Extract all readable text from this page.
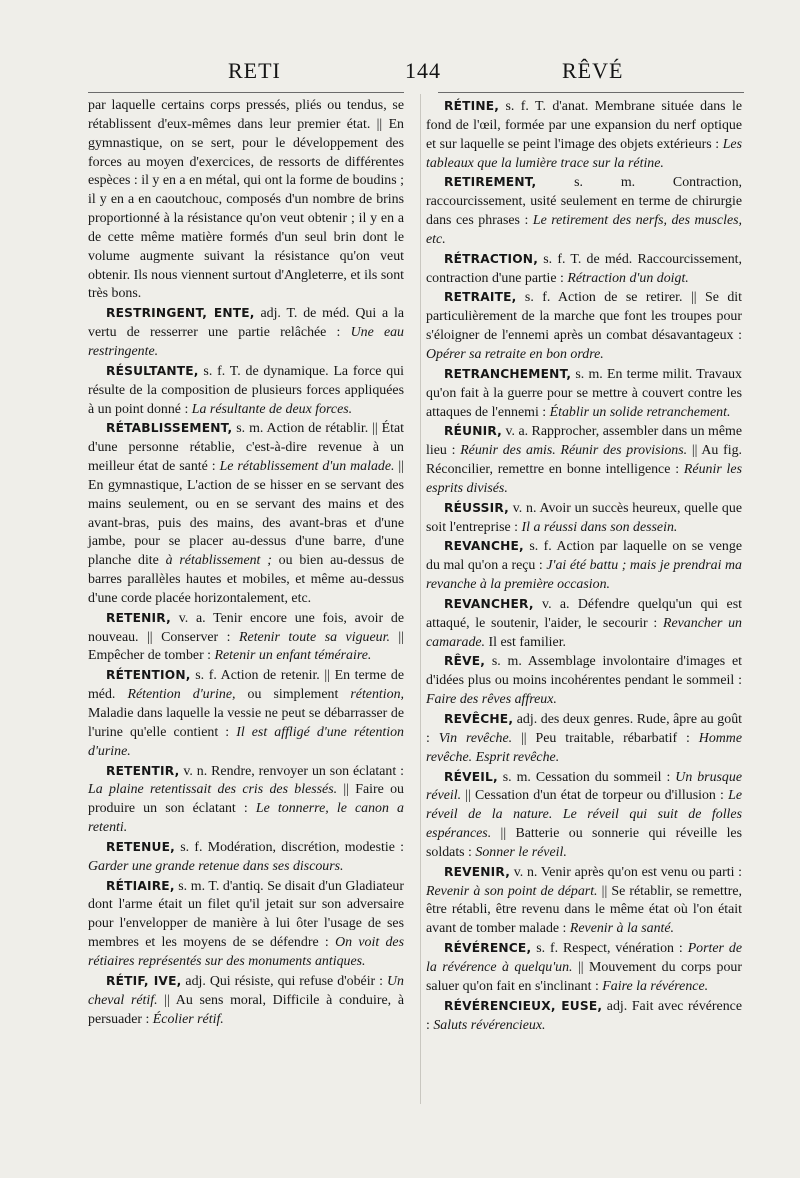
RETI	144	RÊVÉ

par laquelle certains corps pressés, pliés ou tendus, se rétablissent d'eux-mêmes dans leur premier état. || En gymnastique, on se sert, pour le développement des forces au moyen d'exercices, de ressorts de différentes espèces : il y en a en métal, qui ont la forme de boudins ; il y en a en caoutchouc, composés d'un nombre de brins proportionné à la résistance qu'on veut obtenir ; il y en a de cette même matière formés d'un seul brin dont le volume augmente suivant la résistance qu'on veut obtenir. Ils nous viennent surtout d'Angleterre, et ils sont très bons.

RESTRINGENT, ENTE, adj. T. de méd. Qui a la vertu de resserrer une partie relâchée : Une eau restringente.

RÉSULTANTE, s. f. T. de dynamique. La force qui résulte de la composition de plusieurs forces appliquées à un point donné : La résultante de deux forces.

RÉTABLISSEMENT, s. m. Action de rétablir. || État d'une personne rétablie, c'est-à-dire revenue à un meilleur état de santé : Le rétablissement d'un malade. || En gymnastique, L'action de se hisser en se servant des mains seulement, ou en se servant des mains et des avant-bras, puis des mains, des avant-bras et d'une jambe, pour se placer au-dessus d'une barre, d'une planche dite à rétablissement ; ou bien au-dessus de barres parallèles hautes et mobiles, et même au-dessus d'une corde placée horizontalement, etc.

RETENIR, v. a. Tenir encore une fois, avoir de nouveau. || Conserver : Retenir toute sa vigueur. || Empêcher de tomber : Retenir un enfant téméraire.

RÉTENTION, s. f. Action de retenir. || En terme de méd. Rétention d'urine, ou simplement rétention, Maladie dans laquelle la vessie ne peut se débarrasser de l'urine qu'elle contient : Il est affligé d'une rétention d'urine.

RETENTIR, v. n. Rendre, renvoyer un son éclatant : La plaine retentissait des cris des blessés. || Faire ou produire un son éclatant : Le tonnerre, le canon a retenti.

RETENUE, s. f. Modération, discrétion, modestie : Garder une grande retenue dans ses discours.

RÉTIAIRE, s. m. T. d'antiq. Se disait d'un Gladiateur dont l'arme était un filet qu'il jetait sur son adversaire pour l'envelopper de manière à lui ôter l'usage de ses membres et les moyens de se défendre : On voit des rétiaires représentés sur des monuments antiques.

RÉTIF, IVE, adj. Qui résiste, qui refuse d'obéir : Un cheval rétif. || Au sens moral, Difficile à conduire, à persuader : Écolier rétif.

RÉTINE, s. f. T. d'anat. Membrane située dans le fond de l'œil, formée par une expansion du nerf optique et sur laquelle se peint l'image des objets extérieurs : Les tableaux que la lumière trace sur la rétine.

RETIREMENT, s. m. Contraction, raccourcissement, usité seulement en terme de chirurgie dans ces phrases : Le retirement des nerfs, des muscles, etc.

RÉTRACTION, s. f. T. de méd. Raccourcissement, contraction d'une partie : Rétraction d'un doigt.

RETRAITE, s. f. Action de se retirer. || Se dit particulièrement de la marche que font les troupes pour s'éloigner de l'ennemi après un combat désavantageux : Opérer sa retraite en bon ordre.

RETRANCHEMENT, s. m. En terme milit. Travaux qu'on fait à la guerre pour se mettre à couvert contre les attaques de l'ennemi : Établir un solide retranchement.

RÉUNIR, v. a. Rapprocher, assembler dans un même lieu : Réunir des amis. Réunir des provisions. || Au fig. Réconcilier, remettre en bonne intelligence : Réunir les esprits divisés.

RÉUSSIR, v. n. Avoir un succès heureux, quelle que soit l'entreprise : Il a réussi dans son dessein.

REVANCHE, s. f. Action par laquelle on se venge du mal qu'on a reçu : J'ai été battu ; mais je prendrai ma revanche à la première occasion.

REVANCHER, v. a. Défendre quelqu'un qui est attaqué, le soutenir, l'aider, le secourir : Revancher un camarade. Il est familier.

RÊVE, s. m. Assemblage involontaire d'images et d'idées plus ou moins incohérentes pendant le sommeil : Faire des rêves affreux.

REVÊCHE, adj. des deux genres. Rude, âpre au goût : Vin revêche. || Peu traitable, rébarbatif : Homme revêche. Esprit revêche.

RÉVEIL, s. m. Cessation du sommeil : Un brusque réveil. || Cessation d'un état de torpeur ou d'illusion : Le réveil de la nature. Le réveil qui suit de folles espérances. || Batterie ou sonnerie qui réveille les soldats : Sonner le réveil.

REVENIR, v. n. Venir après qu'on est venu ou parti : Revenir à son point de départ. || Se rétablir, se remettre, être rétabli, être revenu dans le même état où l'on était avant de tomber malade : Revenir à la santé.

RÉVÉRENCE, s. f. Respect, vénération : Porter de la révérence à quelqu'un. || Mouvement du corps pour saluer qu'on fait en s'inclinant : Faire la révérence.

RÉVÉRENCIEUX, EUSE, adj. Fait avec révérence : Saluts révérencieux.
